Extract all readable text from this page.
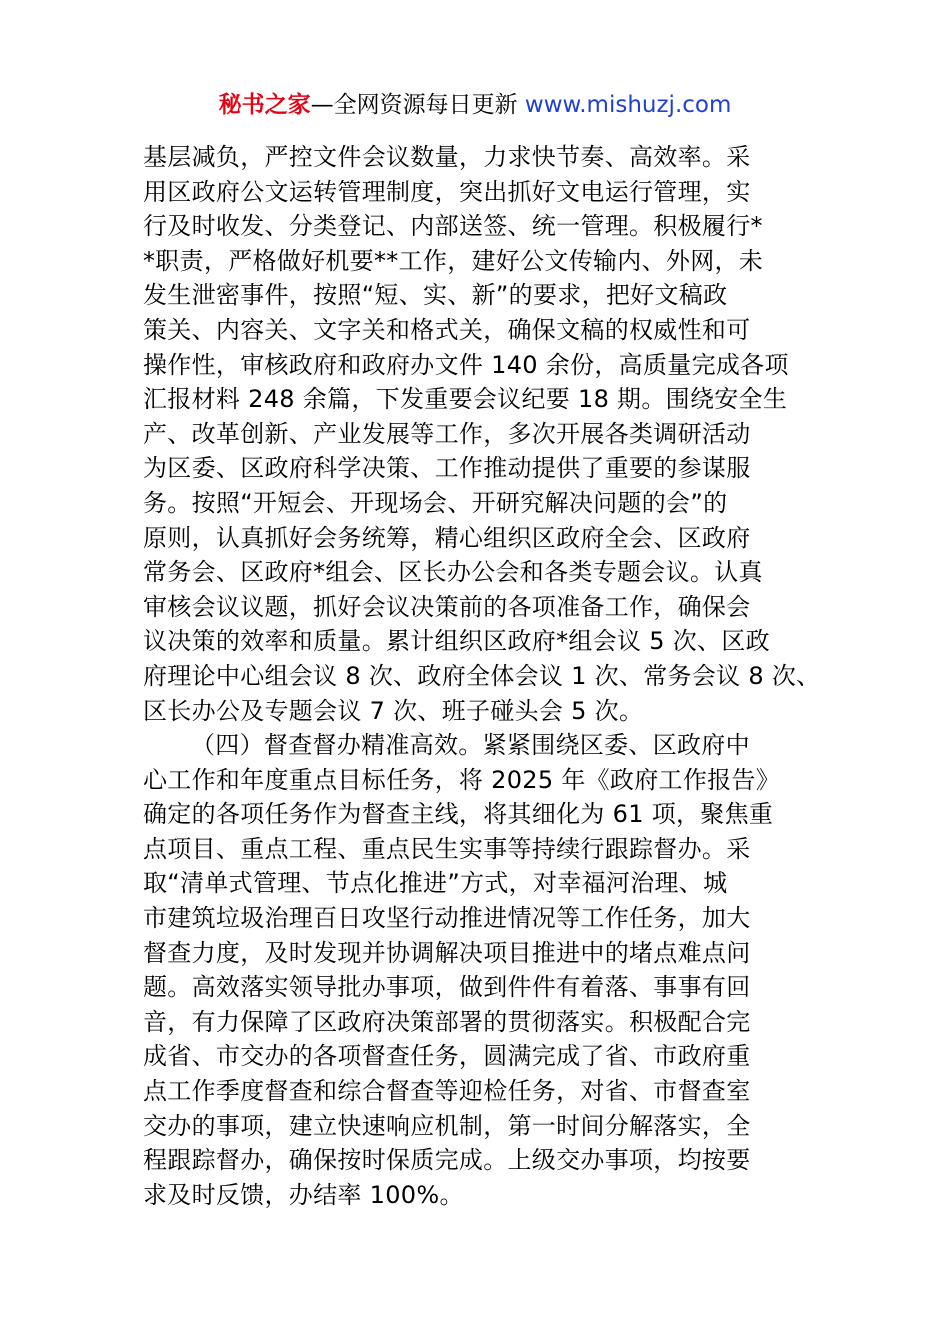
秘书之家—全网资源每日更新 www.mishuzj.com
基层减负，严控文件会议数量，力求快节奏、高效率。采
用区政府公文运转管理制度，突出抓好文电运行管理，实
行及时收发、分类登记、内部送签、统一管理。积极履行*
*职责，严格做好机要**工作，建好公文传输内、外网，未
发生泄密事件，按照“短、实、新”的要求，把好文稿政
策关、内容关、文字关和格式关，确保文稿的权威性和可
操作性，审核政府和政府办文件 140 余份，高质量完成各项
汇报材料 248 余篇，下发重要会议纪要 18 期。围绕安全生
产、改革创新、产业发展等工作，多次开展各类调研活动
为区委、区政府科学决策、工作推动提供了重要的参谋服
务。按照“开短会、开现场会、开研究解决问题的会”的
原则，认真抓好会务统筹，精心组织区政府全会、区政府
常务会、区政府*组会、区长办公会和各类专题会议。认真
审核会议议题，抓好会议决策前的各项准备工作，确保会
议决策的效率和质量。累计组织区政府*组会议 5 次、区政
府理论中心组会议 8 次、政府全体会议 1 次、常务会议 8 次、
区长办公及专题会议 7 次、班子碰头会 5 次。
（四）督查督办精准高效。紧紧围绕区委、区政府中
心工作和年度重点目标任务，将 2025 年《政府工作报告》
确定的各项任务作为督查主线，将其细化为 61 项，聚焦重
点项目、重点工程、重点民生实事等持续行跟踪督办。采
取“清单式管理、节点化推进”方式，对幸福河治理、城
市建筑垃圾治理百日攻坚行动推进情况等工作任务，加大
督查力度，及时发现并协调解决项目推进中的堵点难点问
题。高效落实领导批办事项，做到件件有着落、事事有回
音，有力保障了区政府决策部署的贯彻落实。积极配合完
成省、市交办的各项督查任务，圆满完成了省、市政府重
点工作季度督查和综合督查等迎检任务，对省、市督查室
交办的事项，建立快速响应机制，第一时间分解落实，全
程跟踪督办，确保按时保质完成。上级交办事项，均按要
求及时反馈，办结率 100%。
